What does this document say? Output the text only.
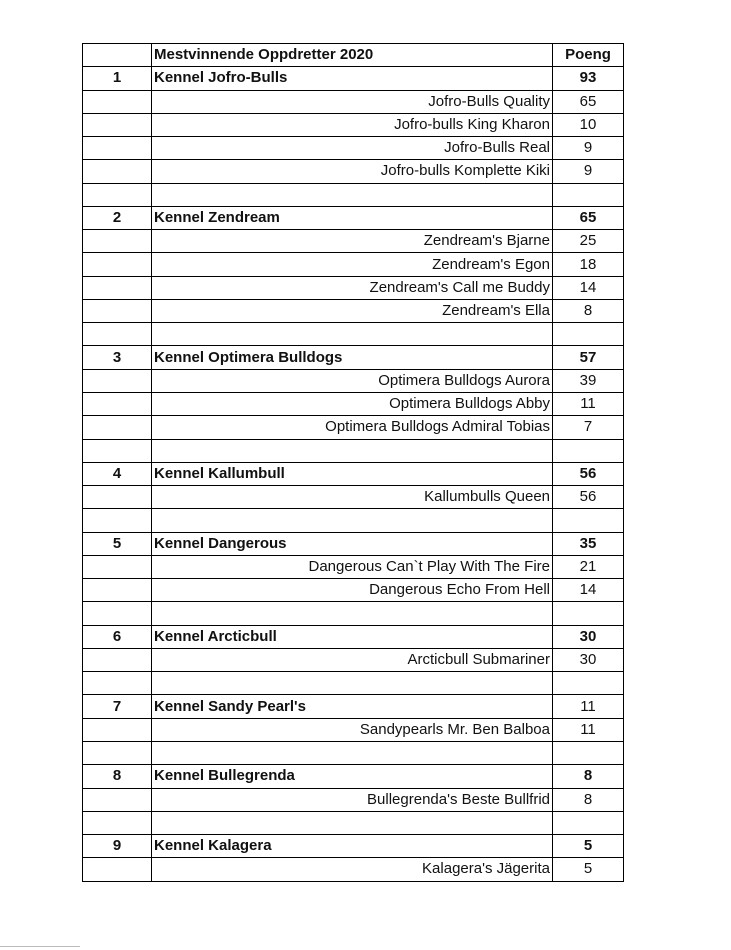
	Mestvinnende Oppdretter 2020	Poeng
1	Kennel Jofro-Bulls	93
	Jofro-Bulls Quality	65
	Jofro-bulls King Kharon	10
	Jofro-Bulls Real	9
	Jofro-bulls Komplette Kiki	9

2	Kennel Zendream	65
	Zendream's Bjarne	25
	Zendream's Egon	18
	Zendream's Call me Buddy	14
	Zendream's Ella	8

3	Kennel Optimera Bulldogs	57
	Optimera Bulldogs Aurora	39
	Optimera Bulldogs Abby	11
	Optimera Bulldogs Admiral Tobias	7

4	Kennel Kallumbull	56
	Kallumbulls Queen	56

5	Kennel Dangerous	35
	Dangerous Can`t Play With The Fire	21
	Dangerous Echo From Hell	14

6	Kennel Arcticbull	30
	Arcticbull Submariner	30

7	Kennel Sandy Pearl's	11
	Sandypearls Mr. Ben Balboa	11

8	Kennel Bullegrenda	8
	Bullegrenda's Beste Bullfrid	8

9	Kennel Kalagera	5
	Kalagera's Jägerita	5
